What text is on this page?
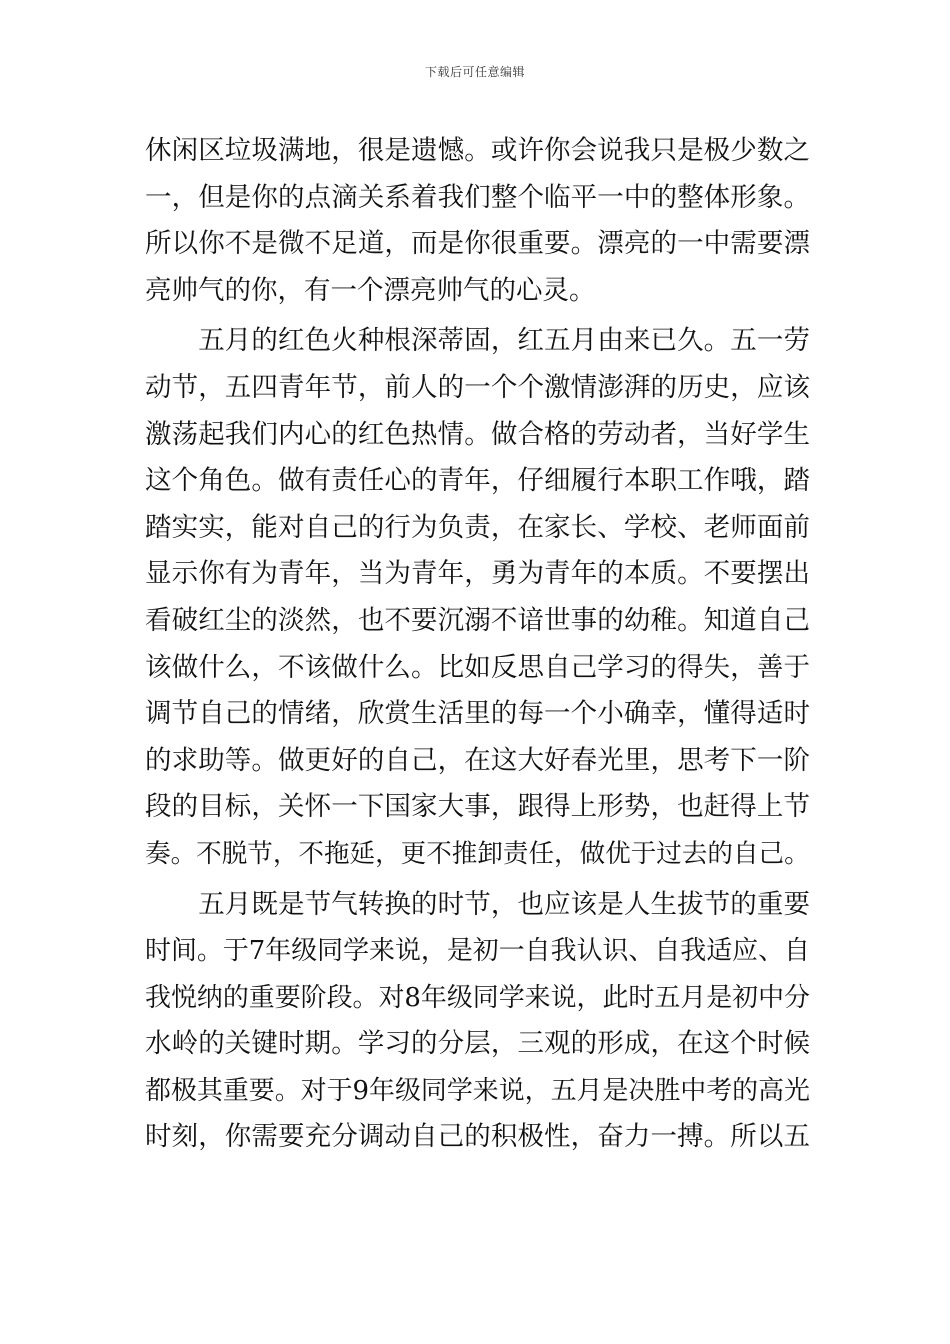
下载后可任意编辑
休闲区垃圾满地，很是遗憾。或许你会说我只是极少数之
一，但是你的点滴关系着我们整个临平一中的整体形象。
所以你不是微不足道，而是你很重要。漂亮的一中需要漂
亮帅气的你，有一个漂亮帅气的心灵。
　　五月的红色火种根深蒂固，红五月由来已久。五一劳
动节，五四青年节，前人的一个个激情澎湃的历史，应该
激荡起我们内心的红色热情。做合格的劳动者，当好学生
这个角色。做有责任心的青年，仔细履行本职工作哦，踏
踏实实，能对自己的行为负责，在家长、学校、老师面前
显示你有为青年，当为青年，勇为青年的本质。不要摆出
看破红尘的淡然，也不要沉溺不谙世事的幼稚。知道自己
该做什么，不该做什么。比如反思自己学习的得失，善于
调节自己的情绪，欣赏生活里的每一个小确幸，懂得适时
的求助等。做更好的自己，在这大好春光里，思考下一阶
段的目标，关怀一下国家大事，跟得上形势，也赶得上节
奏。不脱节，不拖延，更不推卸责任，做优于过去的自己。
　　五月既是节气转换的时节，也应该是人生拔节的重要
时间。于7年级同学来说，是初一自我认识、自我适应、自
我悦纳的重要阶段。对8年级同学来说，此时五月是初中分
水岭的关键时期。学习的分层，三观的形成，在这个时候
都极其重要。对于9年级同学来说，五月是决胜中考的高光
时刻，你需要充分调动自己的积极性，奋力一搏。所以五
